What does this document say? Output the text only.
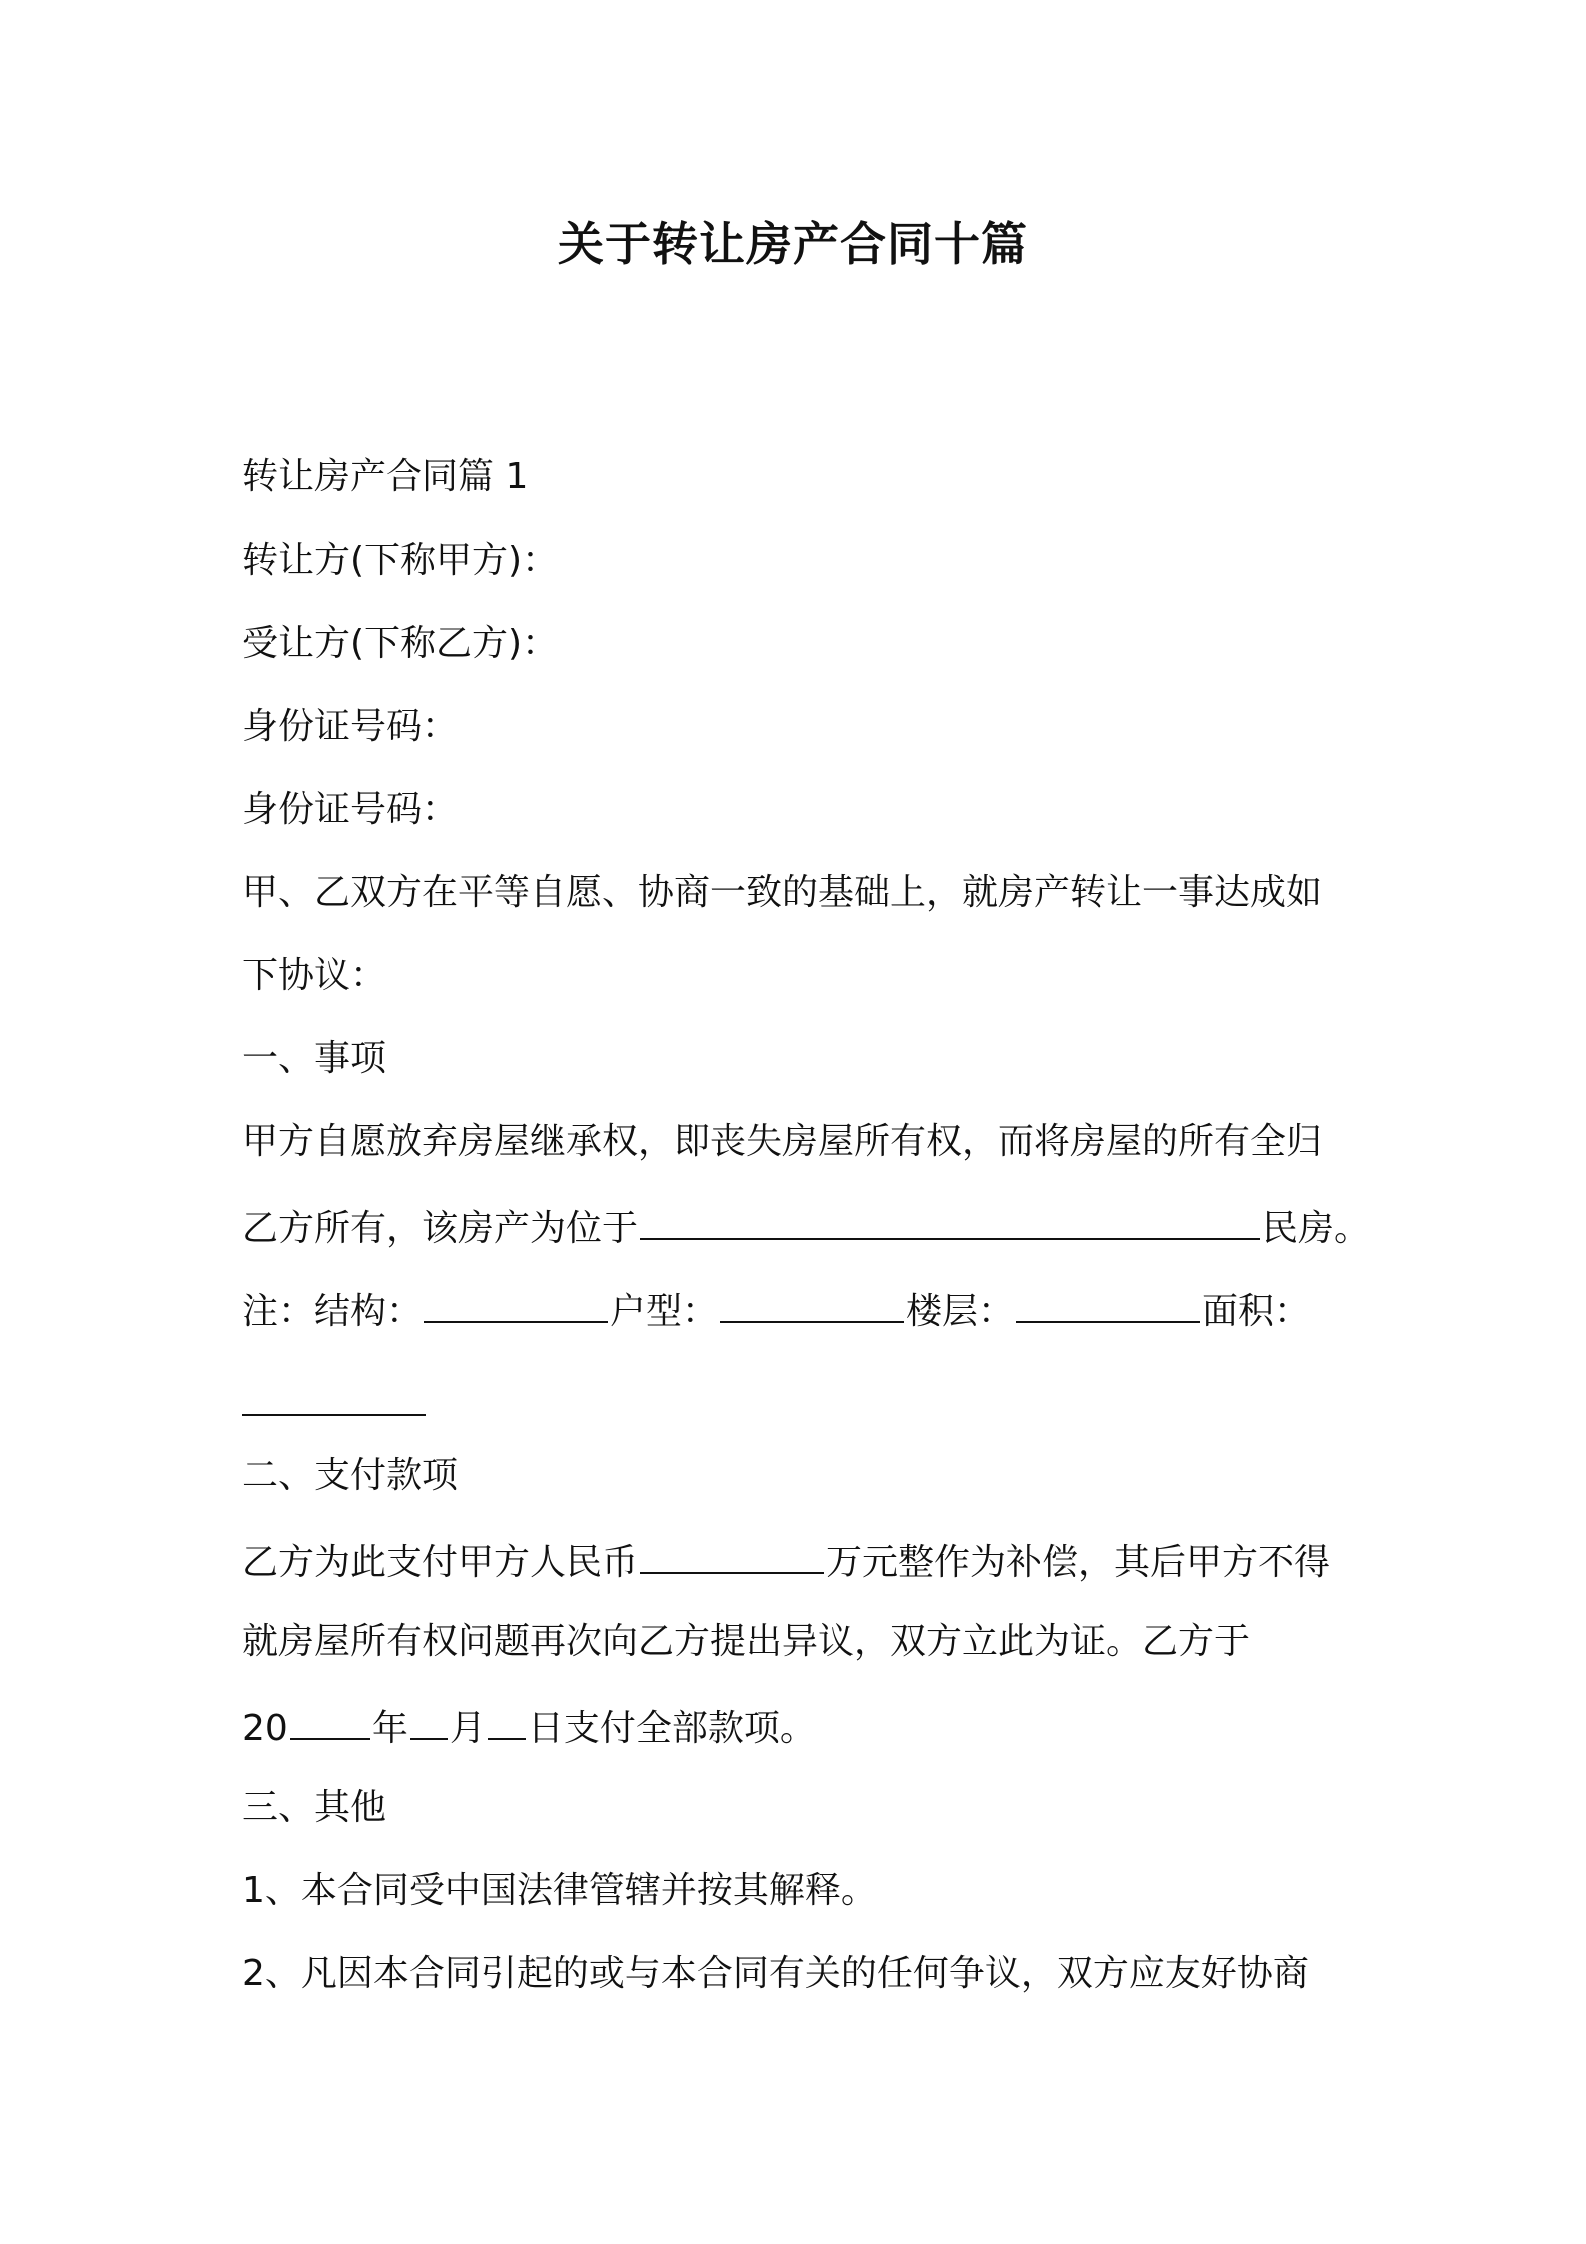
关于转让房产合同十篇
转让房产合同篇 1
转让方(下称甲方)：
受让方(下称乙方)：
身份证号码：
身份证号码：
甲、乙双方在平等自愿、协商一致的基础上，就房产转让一事达成如
下协议：
一、事项
甲方自愿放弃房屋继承权，即丧失房屋所有权，而将房屋的所有全归
乙方所有，该房产为位于	民房。
注：结构：	户型：	楼层：	面积：
二、支付款项
乙方为此支付甲方人民币	万元整作为补偿，其后甲方不得
就房屋所有权问题再次向乙方提出异议，双方立此为证。乙方于
20 年 月 日支付全部款项。
三、其他
1、本合同受中国法律管辖并按其解释。
2、凡因本合同引起的或与本合同有关的任何争议，双方应友好协商
